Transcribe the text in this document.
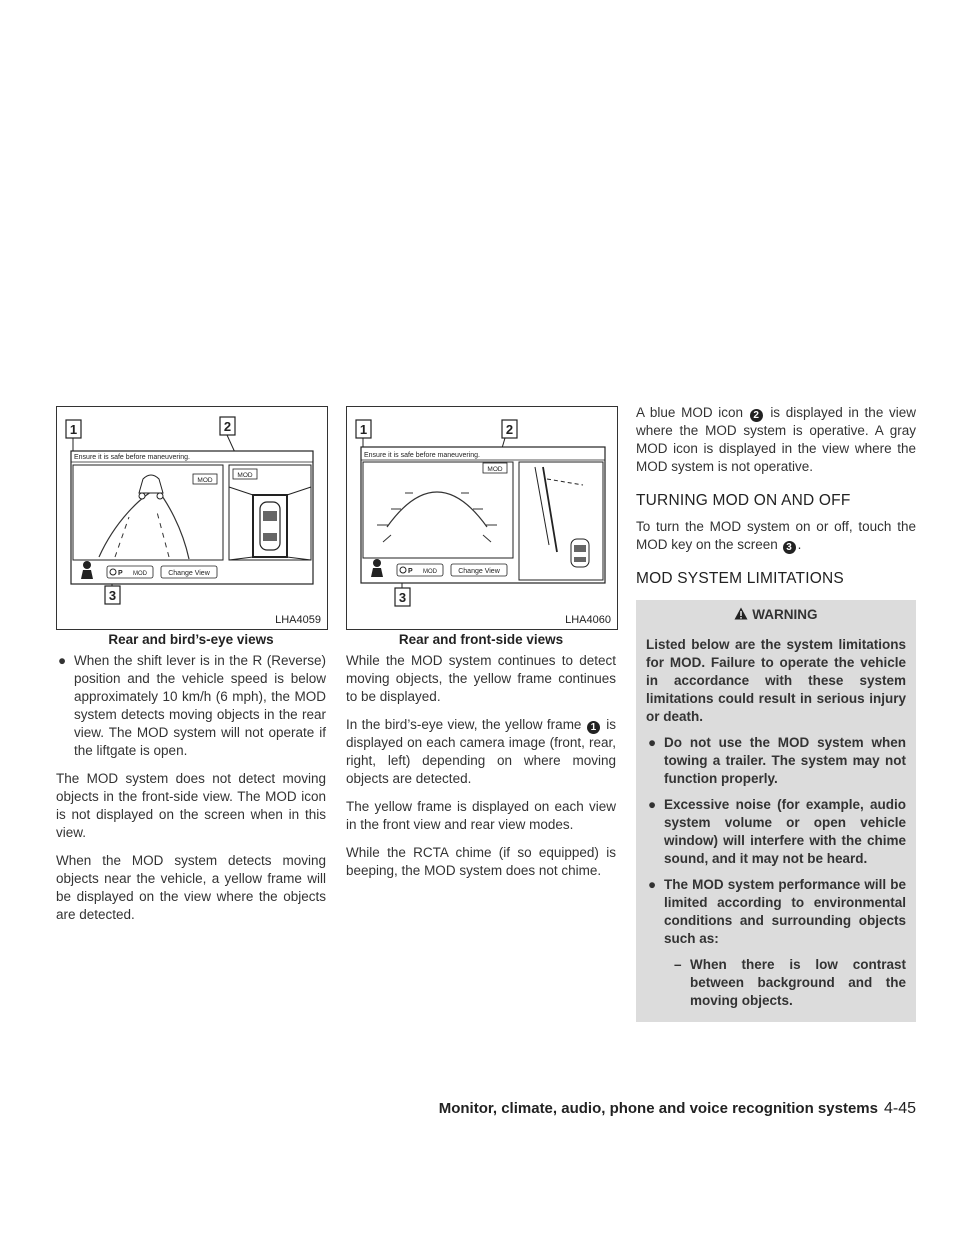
1	2
3
Ensure it is safe before maneuvering.
MOD
MOD
P MOD	Change View
LHA4059
Rear and bird’s-eye views
1	2
3
Ensure it is safe before maneuvering.
MOD
P MOD	Change View
LHA4060
Rear and front-side views
● When the shift lever is in the R (Reverse) position and the vehicle speed is below approximately 10 km/h (6 mph), the MOD system detects moving objects in the rear view. The MOD system will not operate if the liftgate is open.

The MOD system does not detect moving objects in the front-side view. The MOD icon is not displayed on the screen when in this view.

When the MOD system detects moving objects near the vehicle, a yellow frame will be displayed on the view where the objects are detected.

While the MOD system continues to detect moving objects, the yellow frame continues to be displayed.

In the bird’s-eye view, the yellow frame 1 is displayed on each camera image (front, rear, right, left) depending on where moving objects are detected.

The yellow frame is displayed on each view in the front view and rear view modes.

While the RCTA chime (if so equipped) is beeping, the MOD system does not chime.

A blue MOD icon 2 is displayed in the view where the MOD system is operative. A gray MOD icon is displayed in the view where the MOD system is not operative.

TURNING MOD ON AND OFF

To turn the MOD system on or off, touch the MOD key on the screen 3 .

MOD SYSTEM LIMITATIONS
WARNING

Listed below are the system limitations for MOD. Failure to operate the vehicle in accordance with these system limitations could result in serious injury or death.

● Do not use the MOD system when towing a trailer. The system may not function properly.
● Excessive noise (for example, audio system volume or open vehicle window) will interfere with the chime sound, and it may not be heard.
● The MOD system performance will be limited according to environmental conditions and surrounding objects such as:
– When there is low contrast between background and the moving objects.
Monitor, climate, audio, phone and voice recognition systems 4-45
